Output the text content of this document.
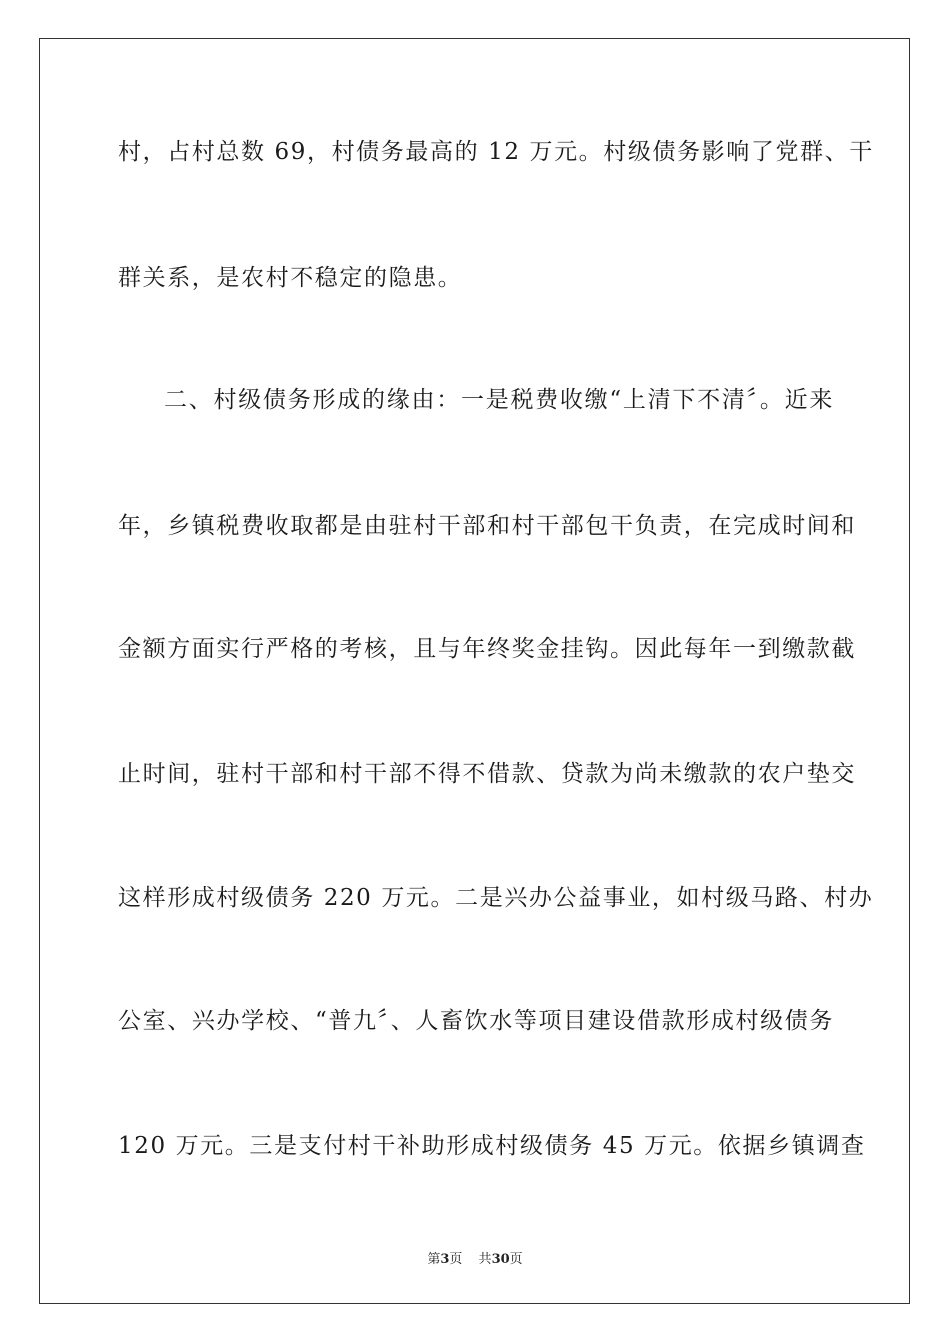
村，占村总数 69，村债务最高的 12 万元。村级债务影响了党群、干
群关系，是农村不稳定的隐患。
二、村级债务形成的缘由：一是税费收缴“上清下不清〞。近来
年，乡镇税费收取都是由驻村干部和村干部包干负责，在完成时间和
金额方面实行严格的考核，且与年终奖金挂钩。因此每年一到缴款截
止时间，驻村干部和村干部不得不借款、贷款为尚未缴款的农户垫交
这样形成村级债务 220 万元。二是兴办公益事业，如村级马路、村办
公室、兴办学校、“普九〞、人畜饮水等项目建设借款形成村级债务
120 万元。三是支付村干补助形成村级债务 45 万元。依据乡镇调查
第3页 共30页
